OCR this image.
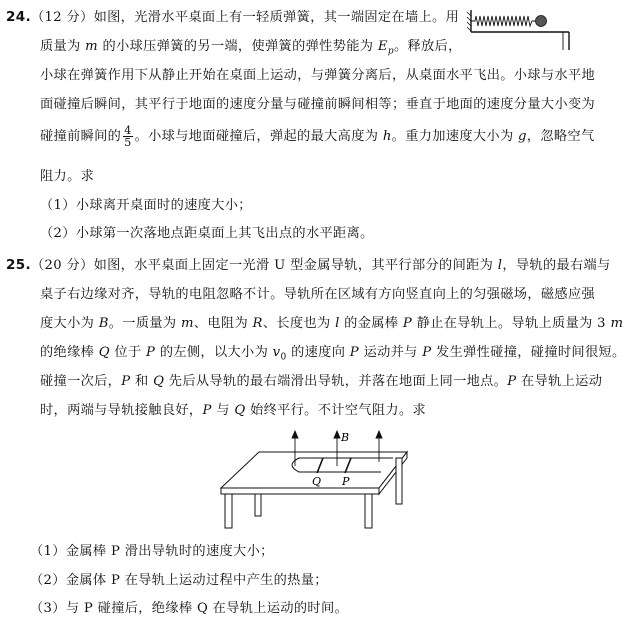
24.（12 分）如图，光滑水平桌面上有一轻质弹簧，其一端固定在墙上。用
质量为 m 的小球压弹簧的另一端，使弹簧的弹性势能为 $E_p$。释放后，
小球在弹簧作用下从静止开始在桌面上运动，与弹簧分离后，从桌面水平飞出。小球与水平地
面碰撞后瞬间，其平行于地面的速度分量与碰撞前瞬间相等；垂直于地面的速度分量大小变为
碰撞前瞬间的 $\frac{4}{5}$ 。小球与地面碰撞后，弹起的最大高度为 h。重力加速度大小为 g，忽略空气
阻力。求
（1）小球离开桌面时的速度大小；
（2）小球第一次落地点距桌面上其飞出点的水平距离。
25.（20 分）如图，水平桌面上固定一光滑 U 型金属导轨，其平行部分的间距为 l，导轨的最右端与
桌子右边缘对齐，导轨的电阻忽略不计。导轨所在区域有方向竖直向上的匀强磁场，磁感应强
度大小为 B。一质量为 m、电阻为 R、长度也为 l 的金属棒 P 静止在导轨上。导轨上质量为 3 m
的绝缘棒 Q 位于 P 的左侧，以大小为 $v_0$ 的速度向 P 运动并与 P 发生弹性碰撞，碰撞时间很短。
碰撞一次后，P 和 Q 先后从导轨的最右端滑出导轨，并落在地面上同一地点。P 在导轨上运动
时，两端与导轨接触良好，P 与 Q 始终平行。不计空气阻力。求
B
Q P
（1）金属棒 P 滑出导轨时的速度大小；
（2）金属体 P 在导轨上运动过程中产生的热量；
（3）与 P 碰撞后，绝缘棒 Q 在导轨上运动的时间。
